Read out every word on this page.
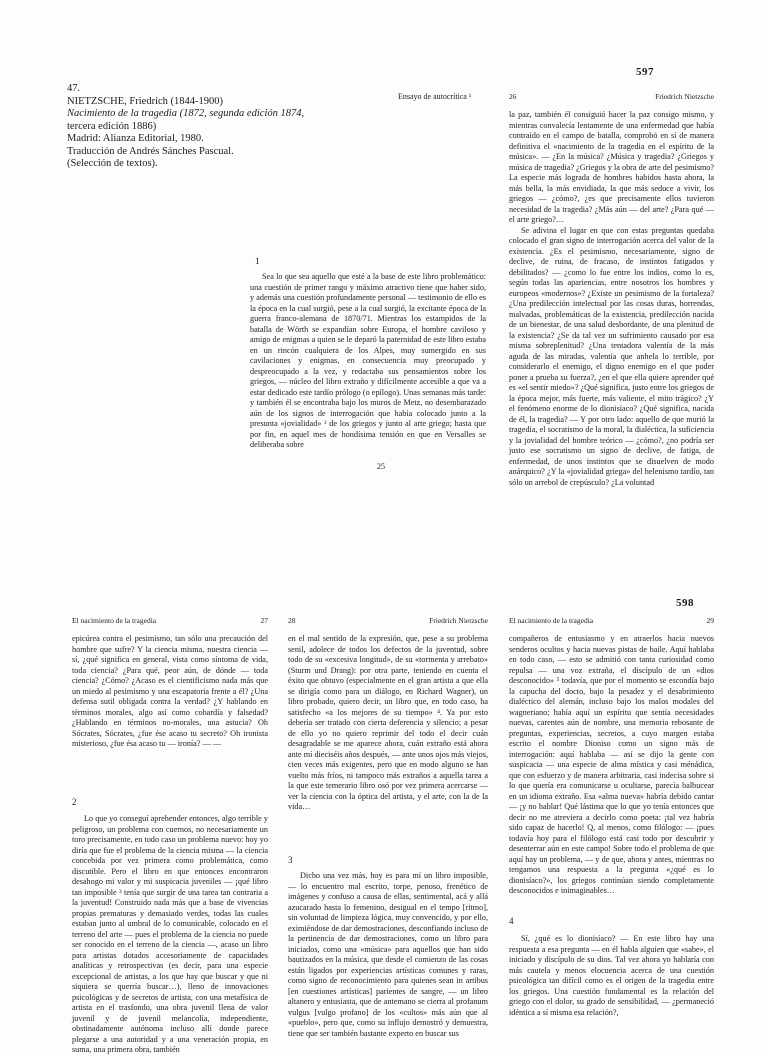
597
47.
NIETZSCHE, Friedrich (1844-1900)
Nacimiento de la tragedia (1872, segunda edición 1874,
tercera edición 1886)
Madrid: Alianza Editorial, 1980.
Traducción de Andrés Sánches Pascual.
(Selección de textos).
Ensayo de autocrítica ¹
1

Sea lo que sea aquello que esté a la base de este libro problemático: una cuestión de primer rango y máximo atractivo tiene que haber sido, y además una cuestión profundamente personal — testimonio de ello es la época en la cual surgió, pese a la cual surgió, la excitante época de la guerra franco-alemana de 1870/71. Mientras los estampidos de la batalla de Wörth se expandían sobre Europa, el hombre caviloso y amigo de enigmas a quien se le deparó la paternidad de este libro estaba en un rincón cualquiera de los Alpes, muy sumergido en sus cavilaciones y enigmas, en consecuencia muy preocupado y despreocupado a la vez, y redactaba sus pensamientos sobre los griegos, — núcleo del libro extraño y difícilmente accesible a que va a estar dedicado este tardío prólogo (o epílogo). Unas semanas más tarde: y también él se encontraba bajo los muros de Metz, no desembarazado aún de los signos de interrogación que había colocado junto a la presunta «jovialidad» ² de los griegos y junto al arte griego; hasta que por fin, en aquel mes de hondísima tensión en que en Versalles se deliberaba sobre

25
26	Friedrich Nietzsche

la paz, también él consiguió hacer la paz consigo mismo, y mientras convalecía lentamente de una enfermedad que había contraído en el campo de batalla, comprobó en sí de manera definitiva el «nacimiento de la tragedia en el espíritu de la música». — ¿En la música? ¿Música y tragedia? ¿Griegos y música de tragedia? ¿Griegos y la obra de arte del pesimismo? La especie más lograda de hombres habidos hasta ahora, la más bella, la más envidiada, la que más seduce a vivir, los griegos — ¿cómo?, ¿es que precisamente ellos tuvieron necesidad de la tragedia? ¿Más aún — del arte? ¿Para qué — el arte griego?…

Se adivina el lugar en que con estas preguntas quedaba colocado el gran signo de interrogación acerca del valor de la existencia. ¿Es el pesimismo, necesariamente, signo de declive, de ruina, de fracaso, de instintos fatigados y debilitados? — ¿como lo fue entre los indios, como lo es, según todas las apariencias, entre nosotros los hombres y europeos «modernos»? ¿Existe un pesimismo de la fortaleza? ¿Una predilección intelectual por las cosas duras, horrendas, malvadas, problemáticas de la existencia, predilección nacida de un bienestar, de una salud desbordante, de una plenitud de la existencia? ¿Se da tal vez un sufrimiento causado por esa misma sobreplenitud? ¿Una tentadora valentía de la más aguda de las miradas, valentía que anhela lo terrible, por considerarlo el enemigo, el digno enemigo en el que poder poner a prueba su fuerza?, ¿en el que ella quiere aprender qué es «el sentir miedo»? ¿Qué significa, justo entre los griegos de la época mejor, más fuerte, más valiente, el mito trágico? ¿Y el fenómeno enorme de lo dionisíaco? ¿Qué significa, nacida de él, la tragedia? — Y por otro lado: aquello de que murió la tragedia, el socratismo de la moral, la dialéctica, la suficiencia y la jovialidad del hombre teórico — ¿cómo?, ¿no podría ser justo ese socratismo un signo de declive, de fatiga, de enfermedad, de unos instintos que se disuelven de modo anárquico? ¿Y la «jovialidad griega» del helenismo tardío, tan sólo un arrebol de crepúsculo? ¿La voluntad

598
El nacimiento de la tragedia	27

epicúrea contra el pesimismo, tan sólo una precaución del hombre que sufre? Y la ciencia misma, nuestra ciencia — sí, ¿qué significa en general, vista como síntoma de vida, toda ciencia? ¿Para qué, peor aún, de dónde — toda ciencia? ¿Cómo? ¿Acaso es el cientificismo nada más que un miedo al pesimismo y una escapatoria frente a él? ¿Una defensa sutil obligada contra la verdad? ¿Y hablando en términos morales, algo así como cobardía y falsedad? ¿Hablando en términos no-morales, una astucia? Oh Sócrates, Sócrates, ¿fue ése acaso tu secreto? Oh ironista misterioso, ¿fue ésa acaso tu — ironía? — —

2

Lo que yo conseguí aprehender entonces, algo terrible y peligroso, un problema con cuernos, no necesariamente un toro precisamente, en todo caso un problema nuevo: hoy yo diría que fue el problema de la ciencia misma — la ciencia concebida por vez primera como problemática, como discutible. Pero el libro en que entonces encontraron desahogo mi valor y mi suspicacia juveniles — ¡qué libro tan imposible ³ tenía que surgir de una tarea tan contraria a la juventud! Construido nada más que a base de vivencias propias prematuras y demasiado verdes, todas las cuales estaban junto al umbral de lo comunicable, colocado en el terreno del arte — pues el problema de la ciencia no puede ser conocido en el terreno de la ciencia —, acaso un libro para artistas dotados accesoriamente de capacidades analíticas y retrospectivas (es decir, para una especie excepcional de artistas, a los que hay que buscar y que ni siquiera se querría buscar…), lleno de innovaciones psicológicas y de secretos de artista, con una metafísica de artista en el trasfondo, una obra juvenil llena de valor juvenil y de juvenil melancolía, independiente, obstinadamente autónoma incluso allí donde parece plegarse a una autoridad y a una veneración propia, en suma, una primera obra, también

28	Friedrich Nietzsche

en el mal sentido de la expresión, que, pese a su problema senil, adolece de todos los defectos de la juventud, sobre todo de su «excesiva longitud», de su «tormenta y arrebato» (Sturm und Drang): por otra parte, teniendo en cuenta el éxito que obtuvo (especialmente en el gran artista a que ella se dirigía como para un diálogo, en Richard Wagner), un libro probado, quiero decir, un libro que, en todo caso, ha satisfecho «a los mejores de su tiempo» ⁴. Ya por esto debería ser tratado con cierta deferencia y silencio; a pesar de ello yo no quiero reprimir del todo el decir cuán desagradable se me aparece ahora, cuán extraño está ahora ante mí dieciséis años después, — ante unos ojos más viejos, cien veces más exigentes, pero que en modo alguno se han vuelto más fríos, ni tampoco más extraños a aquella tarea a la que este temerario libro osó por vez primera acercarse — ver la ciencia con la óptica del artista, y el arte, con la de la vida…

3

Dicho una vez más, hoy es para mí un libro imposible, — lo encuentro mal escrito, torpe, penoso, frenético de imágenes y confuso a causa de ellas, sentimental, acá y allá azucarado hasta lo femenino, desigual en el tempo [ritmo], sin voluntad de limpieza lógica, muy convencido, y por ello, eximiéndose de dar demostraciones, desconfiando incluso de la pertinencia de dar demostraciones, como un libro para iniciados, como una «música» para aquellos que han sido bautizados en la música, que desde el comienzo de las cosas están ligados por experiencias artísticas comunes y raras, como signo de reconocimiento para quienes sean in artibus [en cuestiones artísticas] parientes de sangre, — un libro altanero y entusiasta, que de antemano se cierra al profanum vulgus [vulgo profano] de los «cultos» más aún que al «pueblo», pero que, como su influjo demostró y demuestra, tiene que ser también bastante experto en buscar sus

El nacimiento de la tragedia	29

compañeros de entusiasmo y en atraerlos hacia nuevos senderos ocultos y hacia nuevas pistas de baile. Aquí hablaba en todo caso, — esto se admitió con tanta curiosidad como repulsa — una voz extraña, el discípulo de un «dios desconocido» ⁵ todavía, que por el momento se escondía bajo la capucha del docto, bajo la pesadez y el desabrimiento dialéctico del alemán, incluso bajo los malos modales del wagneriano; había aquí un espíritu que sentía necesidades nuevas, carentes aún de nombre, una memoria rebosante de preguntas, experiencias, secretos, a cuyo margen estaba escrito el nombre Dioniso como un signo más de interrogación: aquí hablaba — así se dijo la gente con suspicacia — una especie de alma mística y casi ménádica, que con esfuerzo y de manera arbitraria, casi indecisa sobre si lo que quería era comunicarse u ocultarse, parecía balbucear en un idioma extraño. Esa «alma nueva» habría debido cantar — ¡y no hablar! Qué lástima que lo que yo tenía entonces que decir no me atreviera a decirlo como poeta: ¡tal vez habría sido capaz de hacerlo! Q, al menos, como filólogo: — ¡pues todavía hoy para el filólogo está casi todo por descubrir y desenterrar aún en este campo! Sobre todo el problema de que aquí hay un problema, — y de que, ahora y antes, mientras no tengamos una respuesta a la pregunta «¿qué es lo dionisíaco?», los griegos continúan siendo completamente desconocidos e inimaginables…

4

Sí, ¿qué es lo dionisíaco? — En este libro hay una respuesta a esa pregunta — en él habla alguien que «sabe», el iniciado y discípulo de su dios. Tal vez ahora yo hablaría con más cautela y menos elocuencia acerca de una cuestión psicológica tan difícil como es el origen de la tragedia entre los griegos. Una cuestión fundamental es la relación del griego con el dolor, su grado de sensibilidad, — ¿permaneció idéntica a sí misma esa relación?,
